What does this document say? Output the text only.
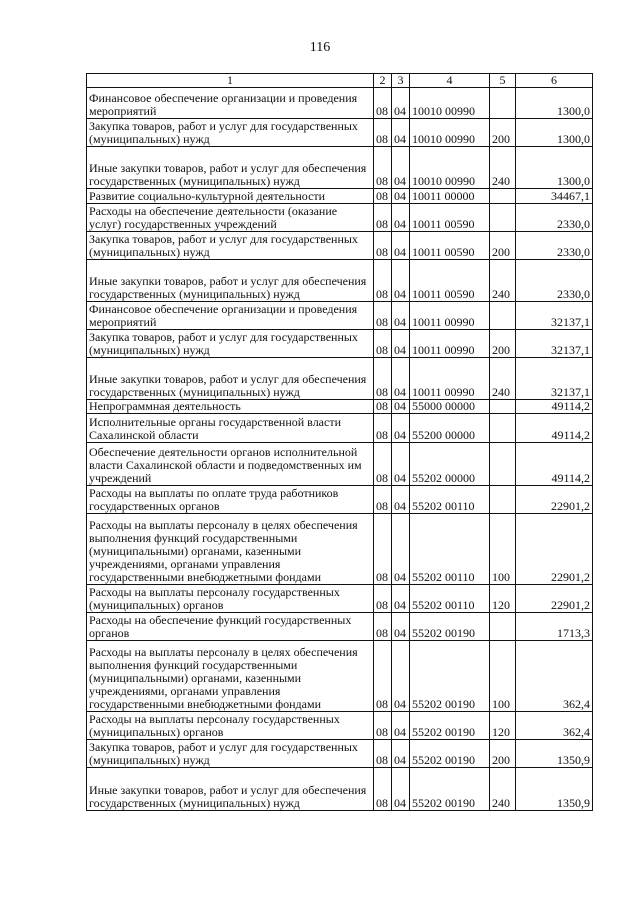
116
1	2	3	4	5	6
Финансовое обеспечение организации и проведения мероприятий	08	04	10010 00990		1300,0
Закупка товаров, работ и услуг для государственных (муниципальных) нужд	08	04	10010 00990	200	1300,0
Иные закупки товаров, работ и услуг для обеспечения государственных (муниципальных) нужд	08	04	10010 00990	240	1300,0
Развитие социально-культурной деятельности	08	04	10011 00000		34467,1
Расходы на обеспечение деятельности (оказание услуг) государственных учреждений	08	04	10011 00590		2330,0
Закупка товаров, работ и услуг для государственных (муниципальных) нужд	08	04	10011 00590	200	2330,0
Иные закупки товаров, работ и услуг для обеспечения государственных (муниципальных) нужд	08	04	10011 00590	240	2330,0
Финансовое обеспечение организации и проведения мероприятий	08	04	10011 00990		32137,1
Закупка товаров, работ и услуг для государственных (муниципальных) нужд	08	04	10011 00990	200	32137,1
Иные закупки товаров, работ и услуг для обеспечения государственных (муниципальных) нужд	08	04	10011 00990	240	32137,1
Непрограммная деятельность	08	04	55000 00000		49114,2
Исполнительные органы государственной власти Сахалинской области	08	04	55200 00000		49114,2
Обеспечение деятельности органов исполнительной власти Сахалинской области и подведомственных им учреждений	08	04	55202 00000		49114,2
Расходы на выплаты по оплате труда работников государственных органов	08	04	55202 00110		22901,2
Расходы на выплаты персоналу в целях обеспечения выполнения функций государственными (муниципальными) органами, казенными учреждениями, органами управления государственными внебюджетными фондами	08	04	55202 00110	100	22901,2
Расходы на выплаты персоналу государственных (муниципальных) органов	08	04	55202 00110	120	22901,2
Расходы на обеспечение функций государственных органов	08	04	55202 00190		1713,3
Расходы на выплаты персоналу в целях обеспечения выполнения функций государственными (муниципальными) органами, казенными учреждениями, органами управления государственными внебюджетными фондами	08	04	55202 00190	100	362,4
Расходы на выплаты персоналу государственных (муниципальных) органов	08	04	55202 00190	120	362,4
Закупка товаров, работ и услуг для государственных (муниципальных) нужд	08	04	55202 00190	200	1350,9
Иные закупки товаров, работ и услуг для обеспечения государственных (муниципальных) нужд	08	04	55202 00190	240	1350,9
